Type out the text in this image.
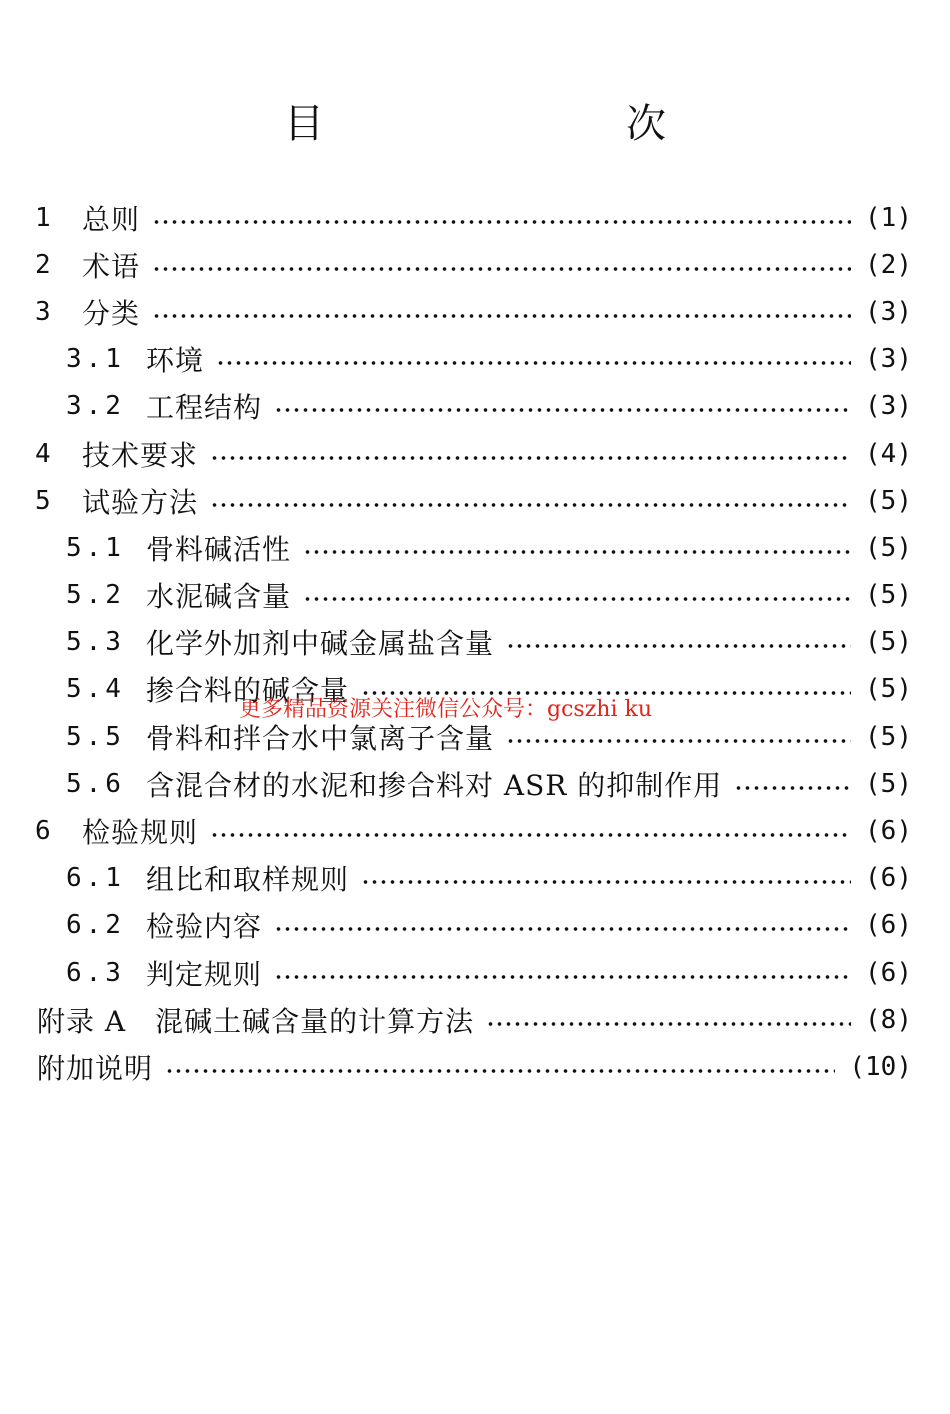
目　　次
1 总则	(1)
2 术语	(2)
3 分类	(3)
3.1 环境	(3)
3.2 工程结构	(3)
4 技术要求	(4)
5 试验方法	(5)
5.1 骨料碱活性	(5)
5.2 水泥碱含量	(5)
5.3 化学外加剂中碱金属盐含量	(5)
5.4 掺合料的碱含量	(5)
5.5 骨料和拌合水中氯离子含量	(5)
5.6 含混合材的水泥和掺合料对 ASR 的抑制作用	(5)
6 检验规则	(6)
6.1 组比和取样规则	(6)
6.2 检验内容	(6)
6.3 判定规则	(6)
附录 A　混碱土碱含量的计算方法	(8)
附加说明	(10)
更多精品资源关注微信公众号：gcszhi ku
